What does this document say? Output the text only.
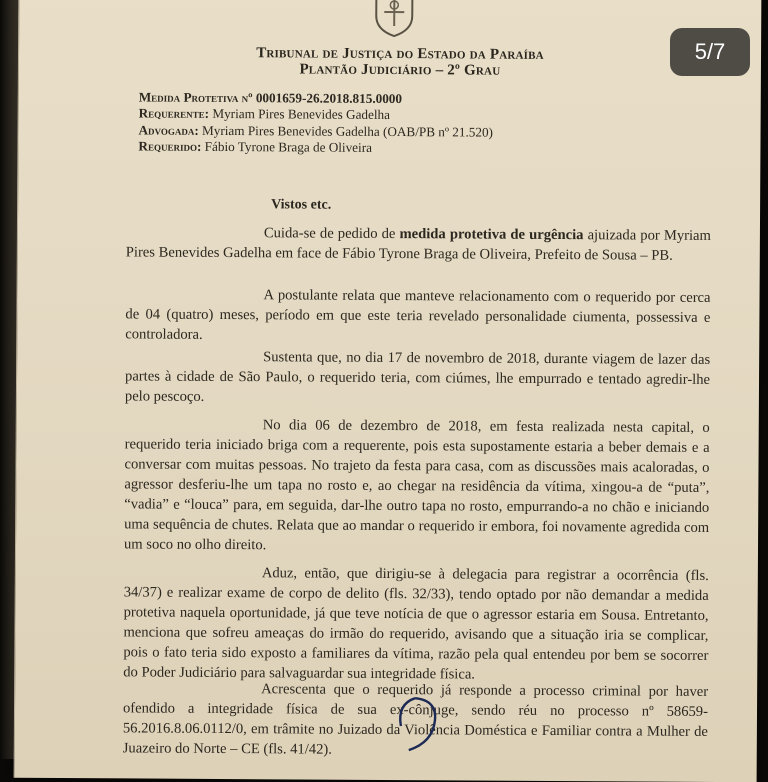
Tribunal de Justiça do Estado da Paraíba
Plantão Judiciário – 2º Grau
Medida Protetiva nº 0001659-26.2018.815.0000
Requerente: Myriam Pires Benevides Gadelha
Advogada: Myriam Pires Benevides Gadelha (OAB/PB nº 21.520)
Requerido: Fábio Tyrone Braga de Oliveira
Vistos etc.
Cuida-se de pedido de medida protetiva de urgência ajuizada por Myriam Pires Benevides Gadelha em face de Fábio Tyrone Braga de Oliveira, Prefeito de Sousa – PB.
A postulante relata que manteve relacionamento com o requerido por cerca de 04 (quatro) meses, período em que este teria revelado personalidade ciumenta, possessiva e controladora.
Sustenta que, no dia 17 de novembro de 2018, durante viagem de lazer das partes à cidade de São Paulo, o requerido teria, com ciúmes, lhe empurrado e tentado agredir-lhe pelo pescoço.
No dia 06 de dezembro de 2018, em festa realizada nesta capital, o requerido teria iniciado briga com a requerente, pois esta supostamente estaria a beber demais e a conversar com muitas pessoas. No trajeto da festa para casa, com as discussões mais acaloradas, o agressor desferiu-lhe um tapa no rosto e, ao chegar na residência da vítima, xingou-a de “puta”, “vadia” e “louca” para, em seguida, dar-lhe outro tapa no rosto, empurrando-a no chão e iniciando uma sequência de chutes. Relata que ao mandar o requerido ir embora, foi novamente agredida com um soco no olho direito.
Aduz, então, que dirigiu-se à delegacia para registrar a ocorrência (fls. 34/37) e realizar exame de corpo de delito (fls. 32/33), tendo optado por não demandar a medida protetiva naquela oportunidade, já que teve notícia de que o agressor estaria em Sousa. Entretanto, menciona que sofreu ameaças do irmão do requerido, avisando que a situação iria se complicar, pois o fato teria sido exposto a familiares da vítima, razão pela qual entendeu por bem se socorrer do Poder Judiciário para salvaguardar sua integridade física.
Acrescenta que o requerido já responde a processo criminal por haver ofendido a integridade física de sua ex-cônjuge, sendo réu no processo nº 58659-56.2016.8.06.0112/0, em trâmite no Juizado da Violência Doméstica e Familiar contra a Mulher de Juazeiro do Norte – CE (fls. 41/42).
5/7
